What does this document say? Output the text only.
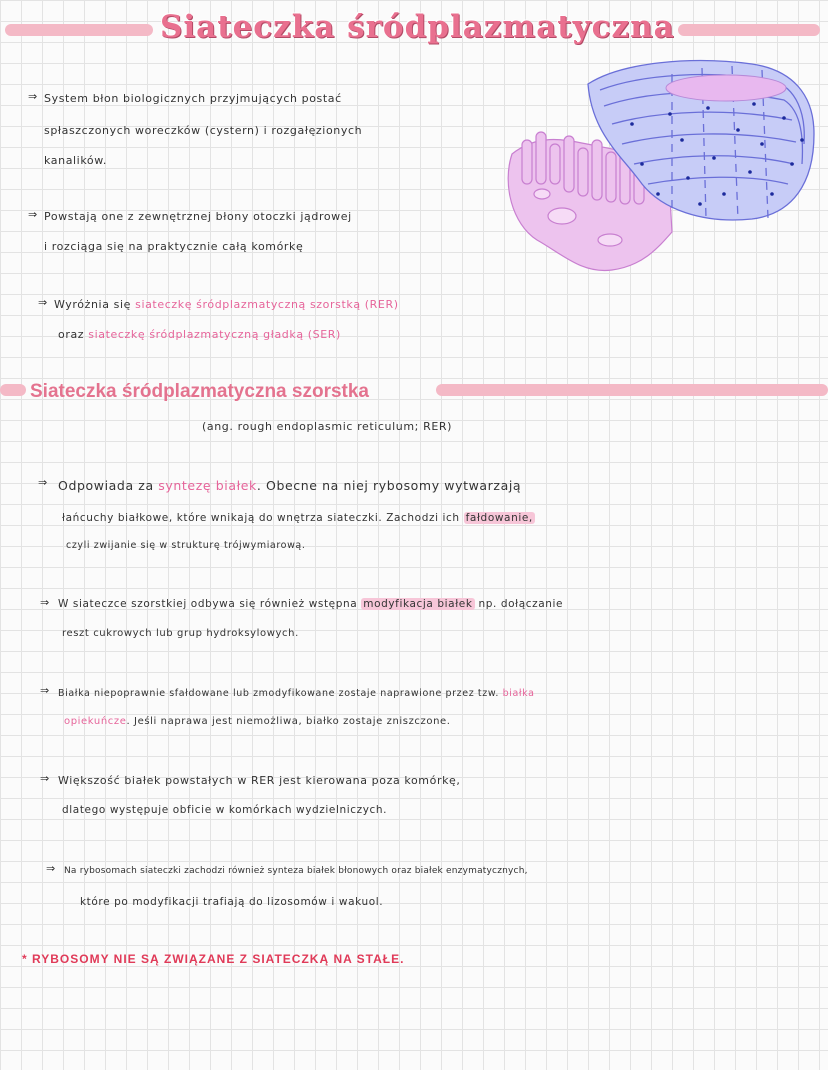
Siateczka śródplazmatyczna
⇒ System błon biologicznych przyjmujących postać
spłaszczonych woreczków (cystern) i rozgałęzionych
kanalików.
⇒ Powstają one z zewnętrznej błony otoczki jądrowej
i rozciąga się na praktycznie całą komórkę
⇒ Wyróżnia się siateczkę śródplazmatyczną szorstką (RER)
oraz siateczkę śródplazmatyczną gładką (SER)
Siateczka śródplazmatyczna szorstka
(ang. rough endoplasmic reticulum; RER)
⇒ Odpowiada za syntezę białek. Obecne na niej rybosomy wytwarzają
łańcuchy białkowe, które wnikają do wnętrza siateczki. Zachodzi ich fałdowanie,
czyli zwijanie się w strukturę trójwymiarową.
⇒ W siateczce szorstkiej odbywa się również wstępna modyfikacja białek np. dołączanie
reszt cukrowych lub grup hydroksylowych.
⇒ Białka niepoprawnie sfałdowane lub zmodyfikowane zostaje naprawione przez tzw. białka
opiekuńcze. Jeśli naprawa jest niemożliwa, białko zostaje zniszczone.
⇒ Większość białek powstałych w RER jest kierowana poza komórkę,
dlatego występuje obficie w komórkach wydzielniczych.
⇒ Na rybosomach siateczki zachodzi również synteza białek błonowych oraz białek enzymatycznych,
które po modyfikacji trafiają do lizosomów i wakuol.
* RYBOSOMY NIE SĄ ZWIĄZANE Z SIATECZKĄ NA STAŁE.
